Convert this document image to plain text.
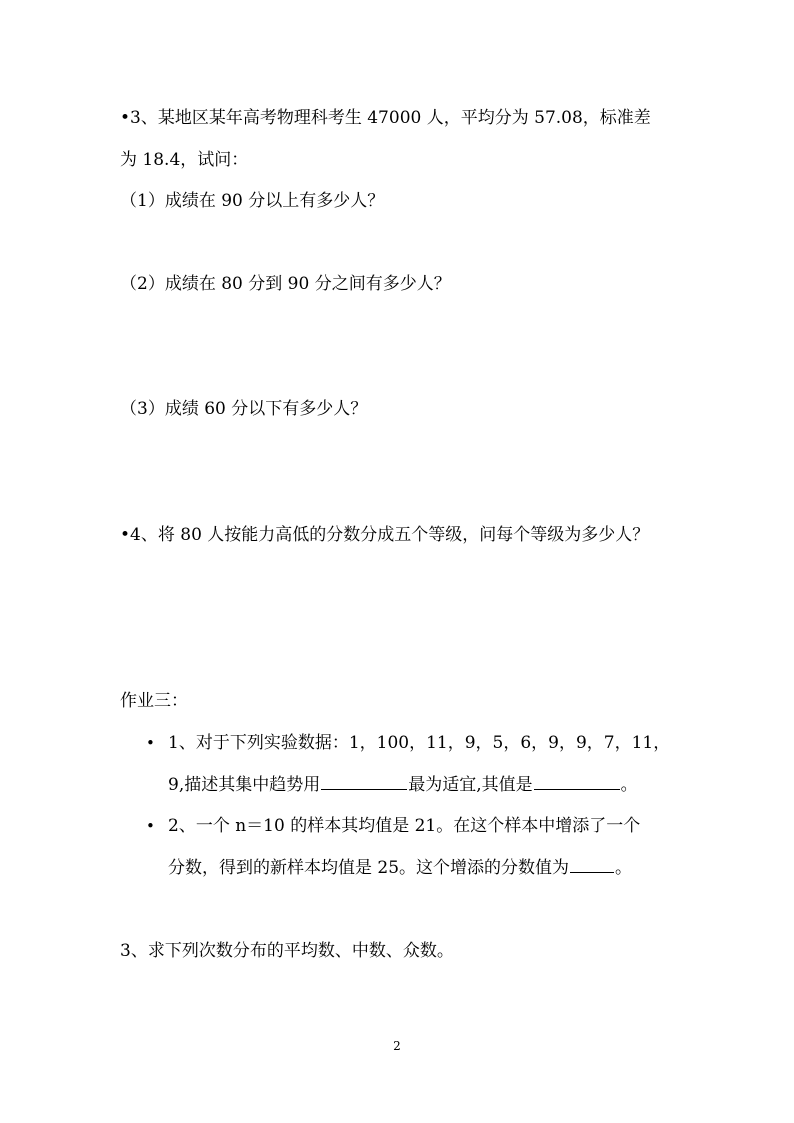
•3、某地区某年高考物理科考生 47000 人，平均分为 57.08，标准差
为 18.4，试问：
（1）成绩在 90 分以上有多少人？
（2）成绩在 80 分到 90 分之间有多少人？
（3）成绩 60 分以下有多少人？
•4、将 80 人按能力高低的分数分成五个等级，问每个等级为多少人？
作业三：
• 1、对于下列实验数据：1，100，11，9，5，6，9，9，7，11，
9,描述其集中趋势用	最为适宜,其值是	。
• 2、一个 n＝10 的样本其均值是 21。在这个样本中增添了一个
分数，得到的新样本均值是 25。这个增添的分数值为	。
3、求下列次数分布的平均数、中数、众数。
2
